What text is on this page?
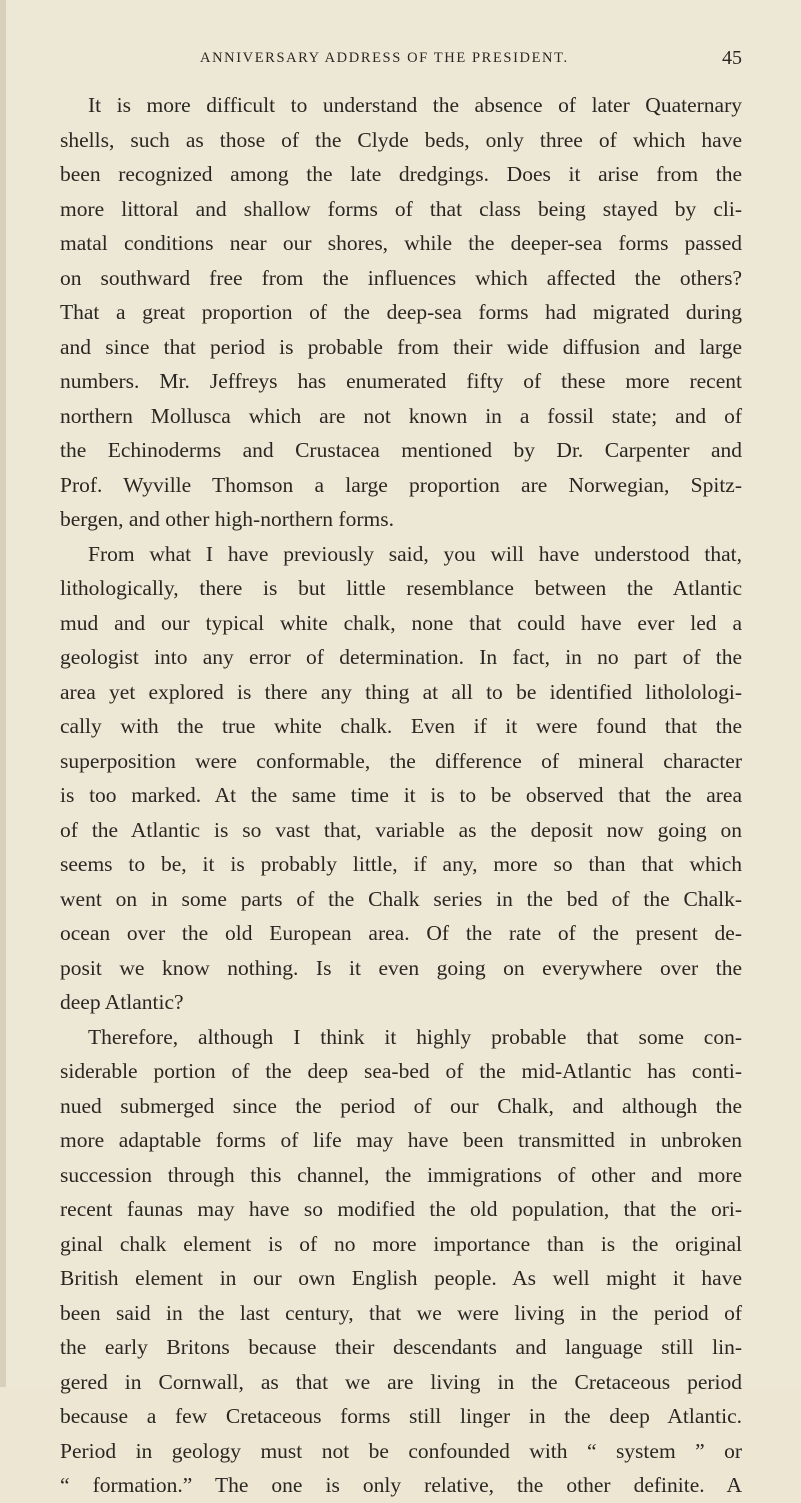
ANNIVERSARY ADDRESS OF THE PRESIDENT.	45
It is more difficult to understand the absence of later Quaternary
shells, such as those of the Clyde beds, only three of which have
been recognized among the late dredgings. Does it arise from the
more littoral and shallow forms of that class being stayed by cli-
matal conditions near our shores, while the deeper-sea forms passed
on southward free from the influences which affected the others?
That a great proportion of the deep-sea forms had migrated during
and since that period is probable from their wide diffusion and large
numbers. Mr. Jeffreys has enumerated fifty of these more recent
northern Mollusca which are not known in a fossil state; and of
the Echinoderms and Crustacea mentioned by Dr. Carpenter and
Prof. Wyville Thomson a large proportion are Norwegian, Spitz-
bergen, and other high-northern forms.
From what I have previously said, you will have understood that,
lithologically, there is but little resemblance between the Atlantic
mud and our typical white chalk, none that could have ever led a
geologist into any error of determination. In fact, in no part of the
area yet explored is there any thing at all to be identified litholologi-
cally with the true white chalk. Even if it were found that the
superposition were conformable, the difference of mineral character
is too marked. At the same time it is to be observed that the area
of the Atlantic is so vast that, variable as the deposit now going on
seems to be, it is probably little, if any, more so than that which
went on in some parts of the Chalk series in the bed of the Chalk-
ocean over the old European area. Of the rate of the present de-
posit we know nothing. Is it even going on everywhere over the
deep Atlantic?
Therefore, although I think it highly probable that some con-
siderable portion of the deep sea-bed of the mid-Atlantic has conti-
nued submerged since the period of our Chalk, and although the
more adaptable forms of life may have been transmitted in unbroken
succession through this channel, the immigrations of other and more
recent faunas may have so modified the old population, that the ori-
ginal chalk element is of no more importance than is the original
British element in our own English people. As well might it have
been said in the last century, that we were living in the period of
the early Britons because their descendants and language still lin-
gered in Cornwall, as that we are living in the Cretaceous period
because a few Cretaceous forms still linger in the deep Atlantic.
Period in geology must not be confounded with “ system ” or
“ formation.” The one is only relative, the other definite. A
